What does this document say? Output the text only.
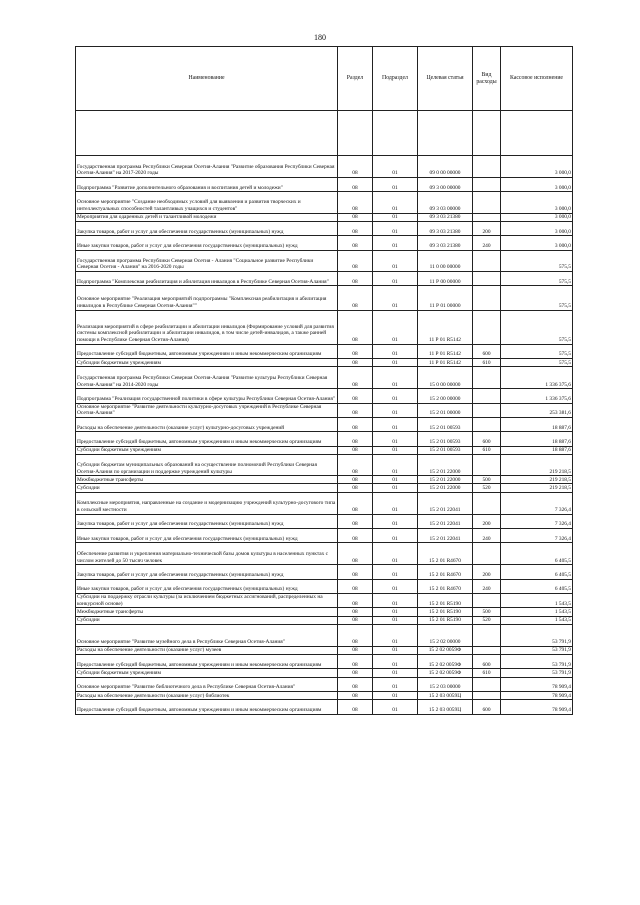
180
Наименование	Раздел	Подраздел	Целевая статья	Вид расходы	Кассовое исполнение

Государственная программа Республики Северная Осетия-Алания "Развитие образования Республики Северная Осетия-Алания" на 2017-2020 годы	08	01	09 0 00 00000		3 000,0
Подпрограмма "Развитие дополнительного образования и воспитания детей и молодежи"	08	01	09 3 00 00000		3 000,0
Основное мероприятие "Создание необходимых условий для выявления и развития творческих и интеллектуальных способностей талантливых учащихся и студентов"	08	01	09 3 03 00000		3 000,0
Мероприятия для одаренных детей и талантливой молодежи	08	01	09 3 03 21380		3 000,0
Закупка товаров, работ и услуг для обеспечения государственных (муниципальных) нужд	08	01	09 3 03 21380	200	3 000,0
Иные закупки товаров, работ и услуг для обеспечения государственных (муниципальных) нужд	08	01	09 3 03 21380	240	3 000,0
Государственная программа Республики Северная Осетия - Алания "Социальное развитие Республики Северная Осетия - Алания" на 2016-2020 годы	08	01	11 0 00 00000		575,5
Подпрограмма "Комплексная реабилитация и абилитация инвалидов в Республике Северная Осетия-Алания"	08	01	11 Р 00 00000		575,5
Основное мероприятие "Реализация мероприятий подпрограммы "Комплексная реабилитация и абилитация инвалидов в Республике Северная Осетия-Алания""	08	01	11 Р 01 00000		575,5
Реализация мероприятий в сфере реабилитации и абилитации инвалидов (Формирование условий для развития системы комплексной реабилитации и абилитации инвалидов, в том числе детей-инвалидов, а также ранней помощи в Республике Северная Осетия-Алания)	08	01	11 Р 01 R5142		575,5
Предоставление субсидий бюджетным, автономным учреждениям и иным некоммерческим организациям	08	01	11 Р 01 R5142	600	575,5
Субсидии бюджетным учреждениям	08	01	11 Р 01 R5142	610	575,5
Государственная программа Республики Северная Осетия-Алания "Развитие культуры Республики Северная Осетия-Алания" на 2014-2020 годы	08	01	15 0 00 00000		1 336 375,6
Подпрограмма "Реализация государственной политики в сфере культуры Республики Северная Осетия-Алания"	08	01	15 2 00 00000		1 336 375,6
Основное мероприятие "Развитие деятельности культурно-досуговых учреждений в Республике Северная Осетия-Алания"	08	01	15 2 01 00000		253 381,6
Расходы на обеспечение деятельности (оказание услуг) культурно-досуговых учреждений	08	01	15 2 01 00593		18 887,6
Предоставление субсидий бюджетным, автономным учреждениям и иным некоммерческим организациям	08	01	15 2 01 00593	600	18 887,6
Субсидии бюджетным учреждениям	08	01	15 2 01 00593	610	18 887,6
Субсидии бюджетам муниципальных образований на осуществление полномочий Республики Северная Осетия-Алания по организации и поддержке учреждений культуры	08	01	15 2 01 22000		219 218,5
Межбюджетные трансферты	08	01	15 2 01 22000	500	219 218,5
Субсидии	08	01	15 2 01 22000	520	219 218,5
Комплексные мероприятия, направленные на создание и модернизацию учреждений культурно-досугового типа в сельской местности	08	01	15 2 01 22041		7 326,4
Закупка товаров, работ и услуг для обеспечения государственных (муниципальных) нужд	08	01	15 2 01 22041	200	7 326,4
Иные закупки товаров, работ и услуг для обеспечения государственных (муниципальных) нужд	08	01	15 2 01 22041	240	7 326,4
Обеспечение развития и укрепления материально-технической базы домов культуры в населенных пунктах с числом жителей до 50 тысяч человек	08	01	15 2 01 R4670		6 405,5
Закупка товаров, работ и услуг для обеспечения государственных (муниципальных) нужд	08	01	15 2 01 R4670	200	6 405,5
Иные закупки товаров, работ и услуг для обеспечения государственных (муниципальных) нужд	08	01	15 2 01 R4670	240	6 405,5
Субсидии на поддержку отрасли культуры (за исключением бюджетных ассигнований, распределенных на конкурсной основе)	08	01	15 2 01 R5190		1 543,5
Межбюджетные трансферты	08	01	15 2 01 R5190	500	1 543,5
Субсидии	08	01	15 2 01 R5190	520	1 543,5
Основное мероприятие "Развитие музейного дела в Республике Северная Осетия-Алания"	08	01	15 2 02 00000		53 791,9
Расходы на обеспечение деятельности (оказание услуг) музеев	08	01	15 2 02 0059Ф		53 791,9
Предоставление субсидий бюджетным, автономным учреждениям и иным некоммерческим организациям	08	01	15 2 02 0059Ф	600	53 791,9
Субсидии бюджетным учреждениям	08	01	15 2 02 0059Ф	610	53 791,9
Основное мероприятие "Развитие библиотечного дела в Республике Северная Осетия-Алания"	08	01	15 2 03 00000		78 909,4
Расходы на обеспечение деятельности (оказание услуг) библиотек	08	01	15 2 03 0059Ц		78 909,4
Предоставление субсидий бюджетным, автономным учреждениям и иным некоммерческим организациям	08	01	15 2 03 0059Ц	600	78 909,4
